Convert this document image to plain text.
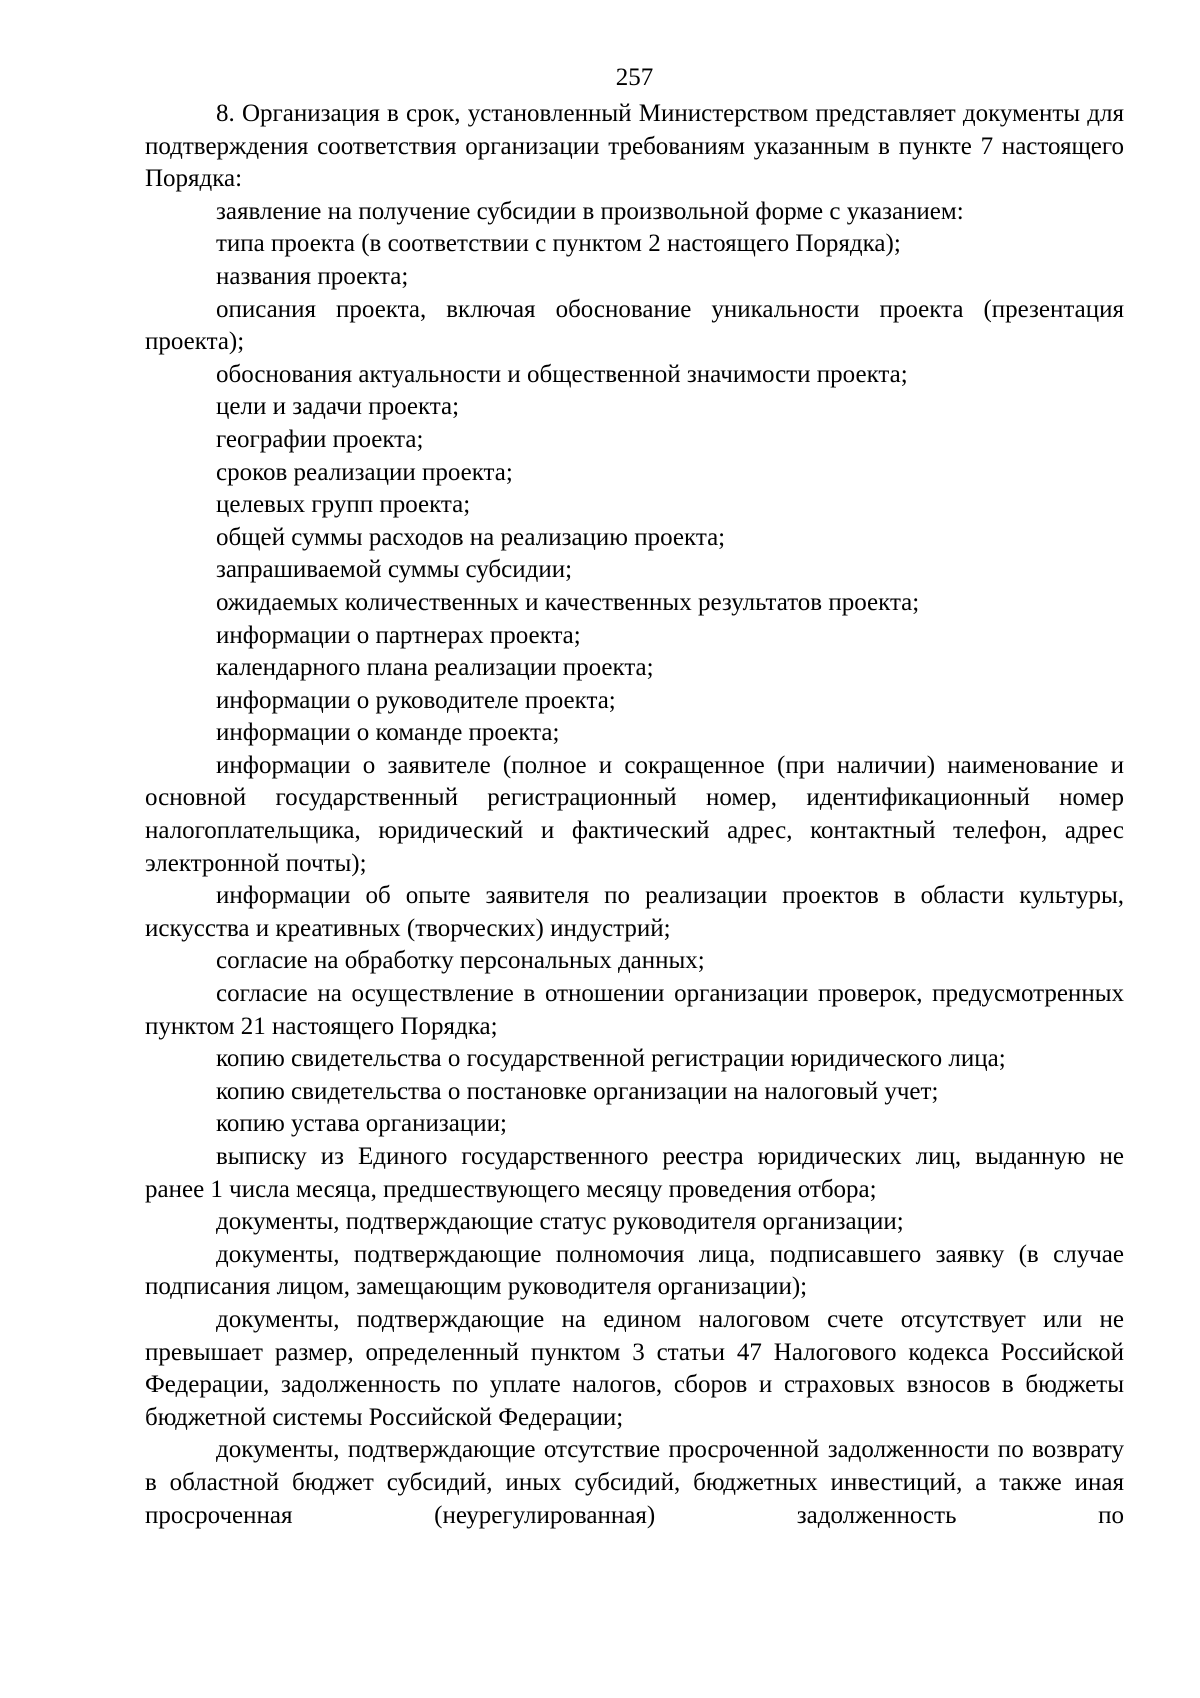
257

8. Организация в срок, установленный Министерством представляет документы для подтверждения соответствия организации требованиям указанным в пункте 7 настоящего Порядка:

заявление на получение субсидии в произвольной форме с указанием:

типа проекта (в соответствии с пунктом 2 настоящего Порядка);

названия проекта;

описания проекта, включая обоснование уникальности проекта (презентация проекта);

обоснования актуальности и общественной значимости проекта;

цели и задачи проекта;

географии проекта;

сроков реализации проекта;

целевых групп проекта;

общей суммы расходов на реализацию проекта;

запрашиваемой суммы субсидии;

ожидаемых количественных и качественных результатов проекта;

информации о партнерах проекта;

календарного плана реализации проекта;

информации о руководителе проекта;

информации о команде проекта;

информации о заявителе (полное и сокращенное (при наличии) наименование и основной государственный регистрационный номер, идентификационный номер налогоплательщика, юридический и фактический адрес, контактный телефон, адрес электронной почты);

информации об опыте заявителя по реализации проектов в области культуры, искусства и креативных (творческих) индустрий;

согласие на обработку персональных данных;

согласие на осуществление в отношении организации проверок, предусмотренных пунктом 21 настоящего Порядка;

копию свидетельства о государственной регистрации юридического лица;

копию свидетельства о постановке организации на налоговый учет;

копию устава организации;

выписку из Единого государственного реестра юридических лиц, выданную не ранее 1 числа месяца, предшествующего месяцу проведения отбора;

документы, подтверждающие статус руководителя организации;

документы, подтверждающие полномочия лица, подписавшего заявку (в случае подписания лицом, замещающим руководителя организации);

документы, подтверждающие на едином налоговом счете отсутствует или не превышает размер, определенный пунктом 3 статьи 47 Налогового кодекса Российской Федерации, задолженность по уплате налогов, сборов и страховых взносов в бюджеты бюджетной системы Российской Федерации;

документы, подтверждающие отсутствие просроченной задолженности по возврату в областной бюджет субсидий, иных субсидий, бюджетных инвестиций, а также иная просроченная (неурегулированная) задолженность по
